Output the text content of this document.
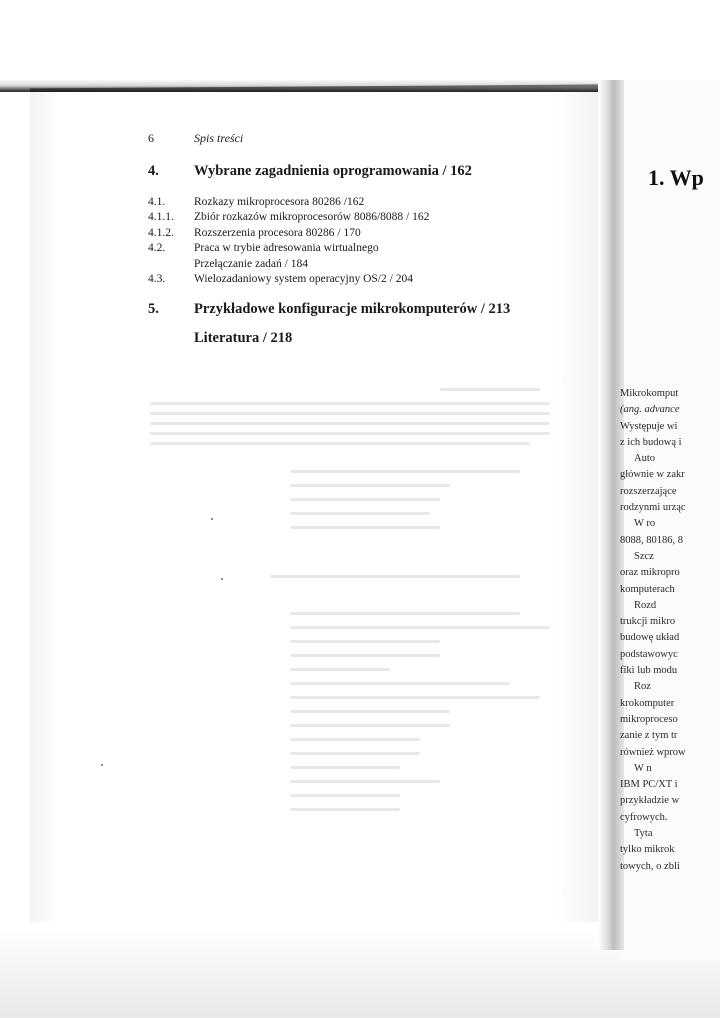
6	Spis treści
4. Wybrane zagadnienia oprogramowania / 162
4.1.	Rozkazy mikroprocesora 80286 /162
4.1.1. Zbiór rozkazów mikroprocesorów 8086/8088 / 162
4.1.2. Rozszerzenia procesora 80286 / 170
4.2.	Praca w trybie adresowania wirtualnego
Przełączanie zadań / 184
4.3.	Wielozadaniowy system operacyjny OS/2 / 204
5. Przykładowe konfiguracje mikrokomputerów / 213
Literatura / 218
1. Wp
Mikrokomput
(ang. advance
Występuje wi
z ich budową i
Auto
głównie w zakr
rozszerzające
rodzynmi urząc
W ro
8088, 80186, 8
Szcz
oraz mikropro
komputerach
Rozd
trukcji mikro
budowę układ
podstawowyc
fiki lub modu
Roz
krokomputer
mikroproceso
zanie z tym tr
również wprow
W n
IBM PC/XT i
przykładzie w
cyfrowych.
Tyta
tylko mikrok
towych, o zbli
